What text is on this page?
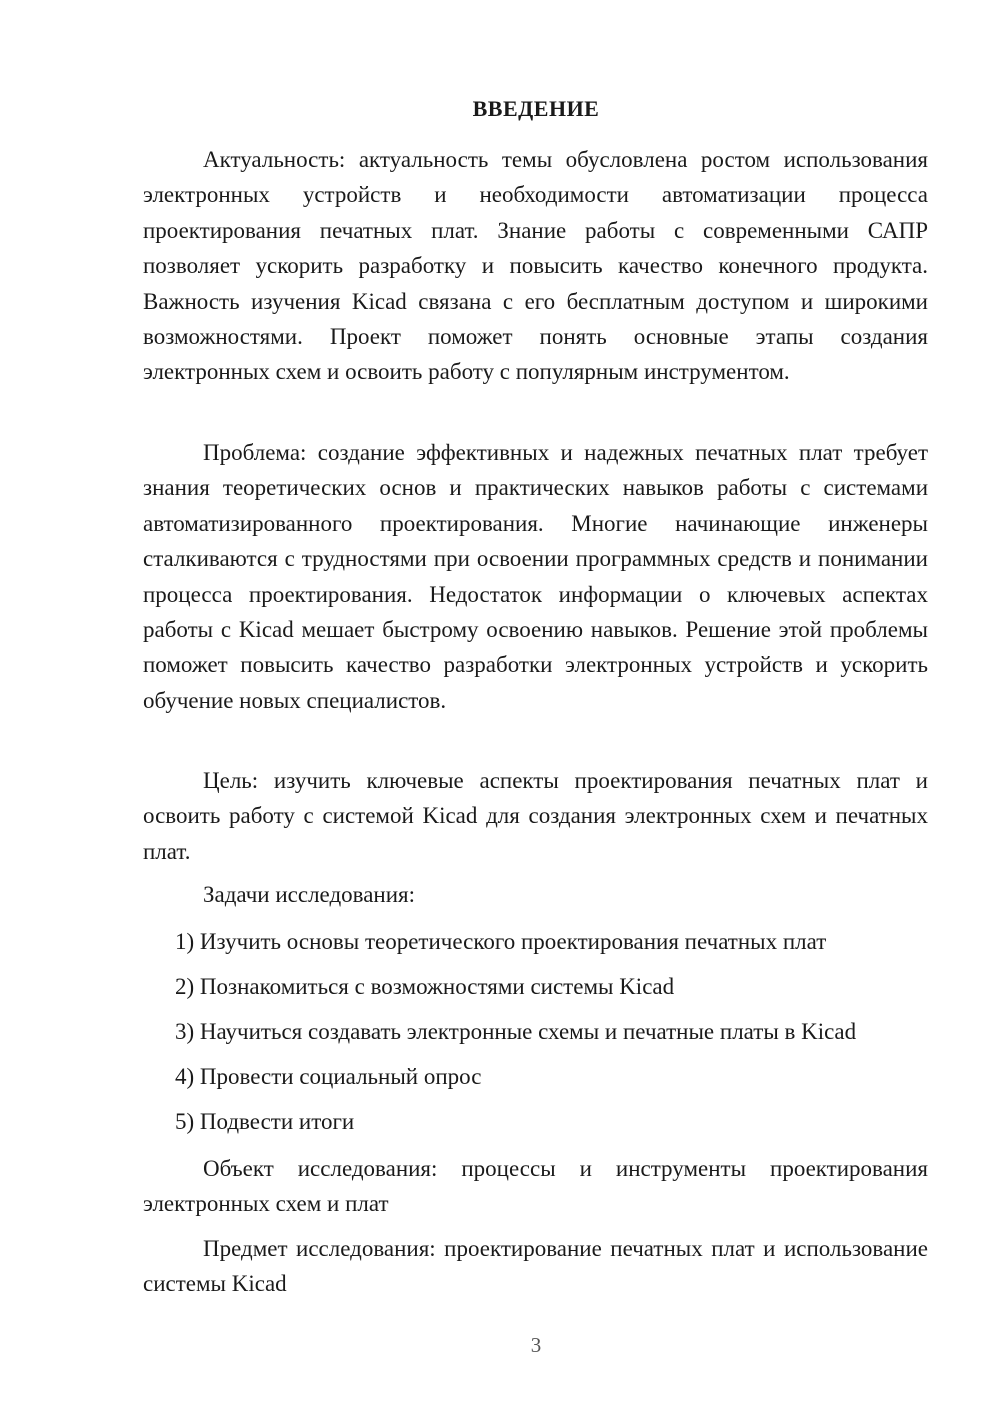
ВВЕДЕНИЕ

Актуальность: актуальность темы обусловлена ростом использования электронных устройств и необходимости автоматизации процесса проектирования печатных плат. Знание работы с современными САПР позволяет ускорить разработку и повысить качество конечного продукта. Важность изучения Kicad связана с его бесплатным доступом и широкими возможностями. Проект поможет понять основные этапы создания электронных схем и освоить работу с популярным инструментом.

Проблема: создание эффективных и надежных печатных плат требует знания теоретических основ и практических навыков работы с системами автоматизированного проектирования. Многие начинающие инженеры сталкиваются с трудностями при освоении программных средств и понимании процесса проектирования. Недостаток информации о ключевых аспектах работы с Kicad мешает быстрому освоению навыков. Решение этой проблемы поможет повысить качество разработки электронных устройств и ускорить обучение новых специалистов.

Цель: изучить ключевые аспекты проектирования печатных плат и освоить работу с системой Kicad для создания электронных схем и печатных плат.

Задачи исследования:

1) Изучить основы теоретического проектирования печатных плат
2) Познакомиться с возможностями системы Kicad
3) Научиться создавать электронные схемы и печатные платы в Kicad
4) Провести социальный опрос
5) Подвести итоги

Объект исследования: процессы и инструменты проектирования электронных схем и плат

Предмет исследования: проектирование печатных плат и использование системы Kicad

3
